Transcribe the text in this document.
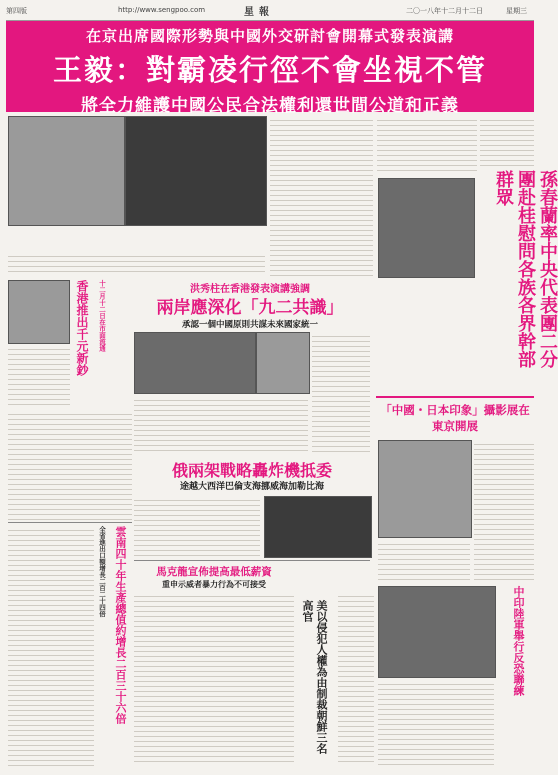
第四版	http://www.sengpoo.com	星報	二〇一八年十二月十二日	星期三
在京出席國際形勢與中國外交研討會開幕式發表演講
王毅：對霸凌行徑不會坐視不管
將全力維護中國公民合法權利還世間公道和正義
孫春蘭率中央代表團二分團赴桂慰問各族各界幹部群眾
十二月十二日在市面流通
香港推出千元新鈔	洪秀柱在香港發表演講強調
兩岸應深化「九二共識」
承認一個中國原則共謀未來國家統一
「中國・日本印象」攝影展在東京開展
俄兩架戰略轟炸機抵委
途越大西洋巴倫支海挪威海加勒比海
雲南四十年生產總值約增長二百三十六倍
全省進出口額增長二百二十四倍	馬克龍宣佈提高最低薪資
重申示威者暴力行為不可接受
美以侵犯人權為由制裁朝鮮三名高官	中印陸軍舉行反恐聯練
